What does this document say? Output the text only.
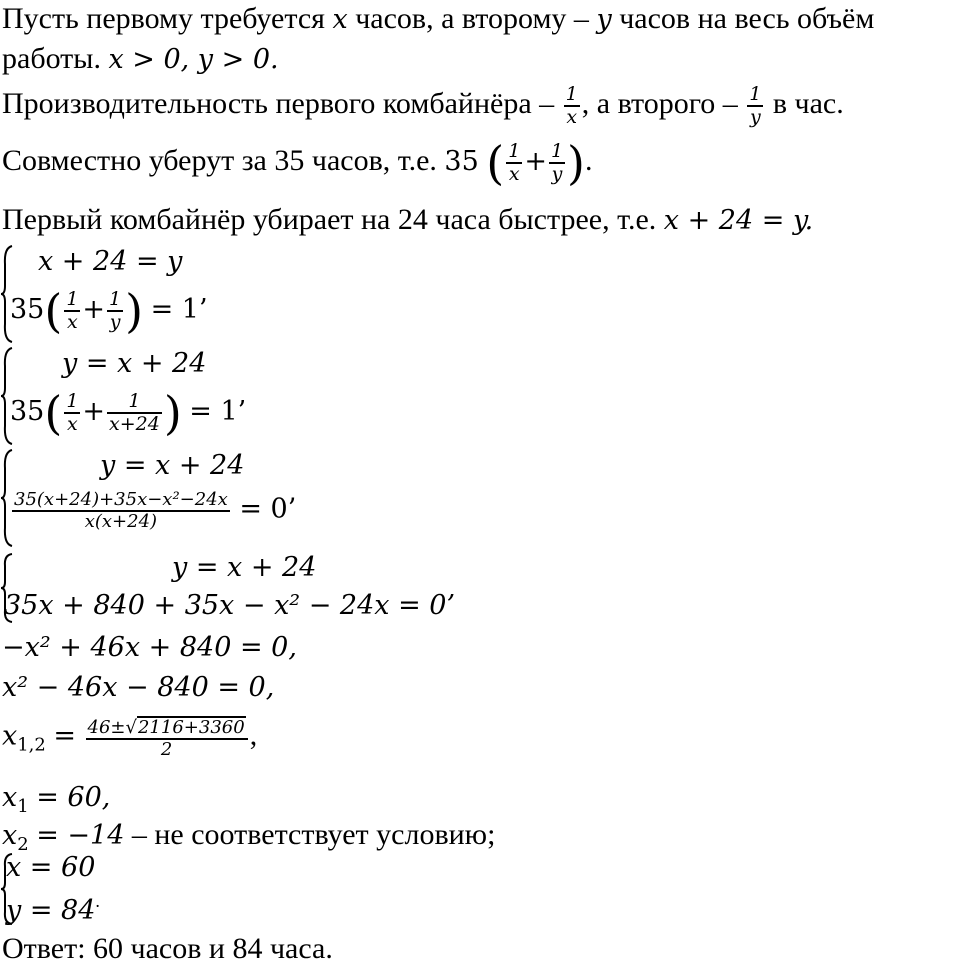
Пусть первому требуется x часов, а второму – y часов на весь объём
работы. x > 0, y > 0.
Производительность первого комбайнёра – $\frac{1}{x}$ , а второго – $\frac{1}{y}$ в час.
Совместно уберут за 35 часов, т.е. 35 ( $\frac{1}{x} + \frac{1}{y}$ ).
Первый комбайнёр убирает на 24 часа быстрее, т.е. x + 24 = y.
x + 24 = y
$35( \frac{1}{x} + \frac{1}{y}$ ) = 1’
y = x + 24
$35( \frac{1}{x} + \frac{1}{x+24}$ ) = 1’
y = x + 24
$\frac{\text{35(x+24)+35x−x²−24x}}{x(x+24)} = 0$’
y = x + 24
35x + 840 + 35x − x² − 24x = 0’
−x² + 46x + 840 = 0,
x² − 46x − 840 = 0,
$x_{1,2} = \frac{46\pm√2116+3360}{2}$ ,
$x_1 = 60$,
$x_2 = -14$ – не соответствует условию;
x = 60
y = 84.
Ответ: 60 часов и 84 часа.
